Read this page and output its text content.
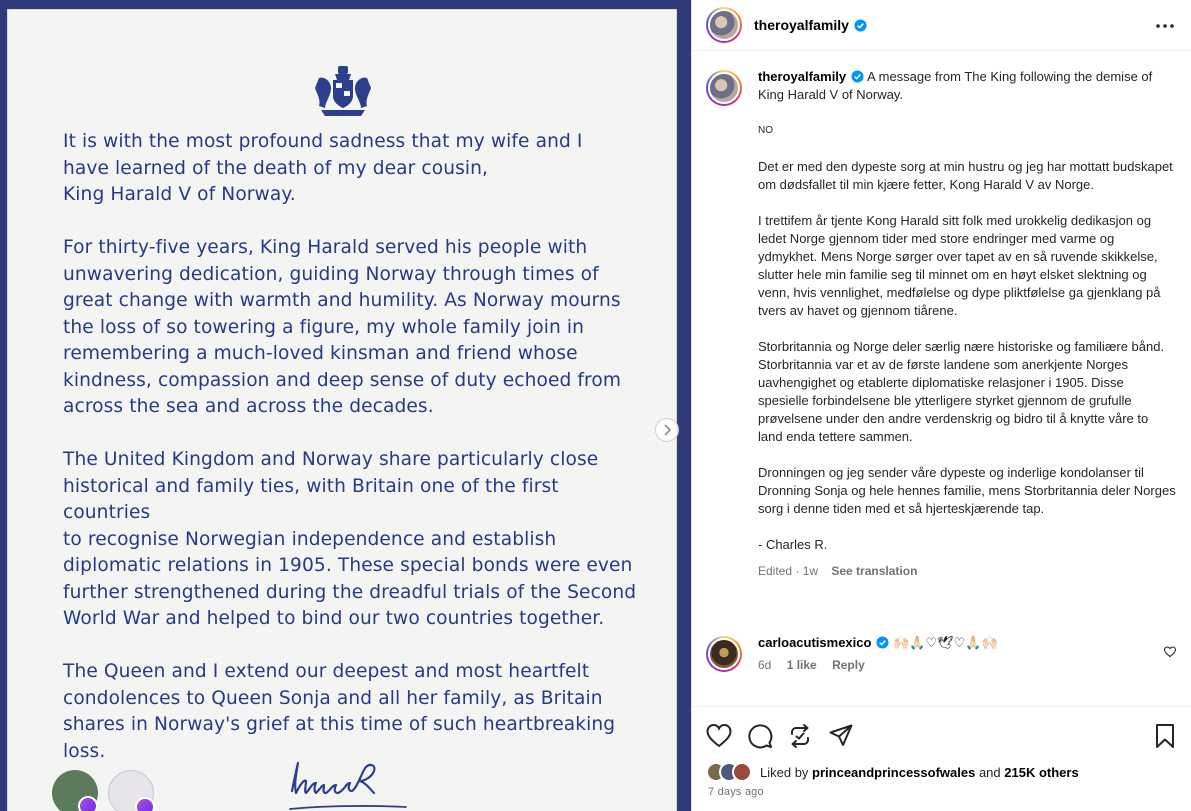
It is with the most profound sadness that my wife and I
have learned of the death of my dear cousin,
King Harald V of Norway.

For thirty-five years, King Harald served his people with
unwavering dedication, guiding Norway through times of
great change with warmth and humility. As Norway mourns
the loss of so towering a figure, my whole family join in
remembering a much-loved kinsman and friend whose
kindness, compassion and deep sense of duty echoed from
across the sea and across the decades.

The United Kingdom and Norway share particularly close
historical and family ties, with Britain one of the first countries
to recognise Norwegian independence and establish
diplomatic relations in 1905. These special bonds were even
further strengthened during the dreadful trials of the Second
World War and helped to bind our two countries together.

The Queen and I extend our deepest and most heartfelt
condolences to Queen Sonja and all her family, as Britain
shares in Norway's grief at this time of such heartbreaking
loss.

theroyalfamily
theroyalfamily A message from The King following the demise of King Harald V of Norway.
NO
Det er med den dypeste sorg at min hustru og jeg har mottatt budskapet om dødsfallet til min kjære fetter, Kong Harald V av Norge.
I trettifem år tjente Kong Harald sitt folk med urokkelig dedikasjon og ledet Norge gjennom tider med store endringer med varme og ydmykhet. Mens Norge sørger over tapet av en så ruvende skikkelse, slutter hele min familie seg til minnet om en høyt elsket slektning og venn, hvis vennlighet, medfølelse og dype pliktfølelse ga gjenklang på tvers av havet og gjennom tiårene.
Storbritannia og Norge deler særlig nære historiske og familiære bånd. Storbritannia var et av de første landene som anerkjente Norges uavhengighet og etablerte diplomatiske relasjoner i 1905. Disse spesielle forbindelsene ble ytterligere styrket gjennom de grufulle prøvelsene under den andre verdenskrig og bidro til å knytte våre to land enda tettere sammen.
Dronningen og jeg sender våre dypeste og inderlige kondolanser til Dronning Sonja og hele hennes familie, mens Storbritannia deler Norges sorg i denne tiden med et så hjerteskjærende tap.
- Charles R.
Edited · 1w See translation
carloacutismexico 🙌🏻🙏🏻♡🕊♡🙏🏻🙌🏻
6d 1 like Reply
Liked by
princeandprincessofwales
and
215K others
7 days ago
